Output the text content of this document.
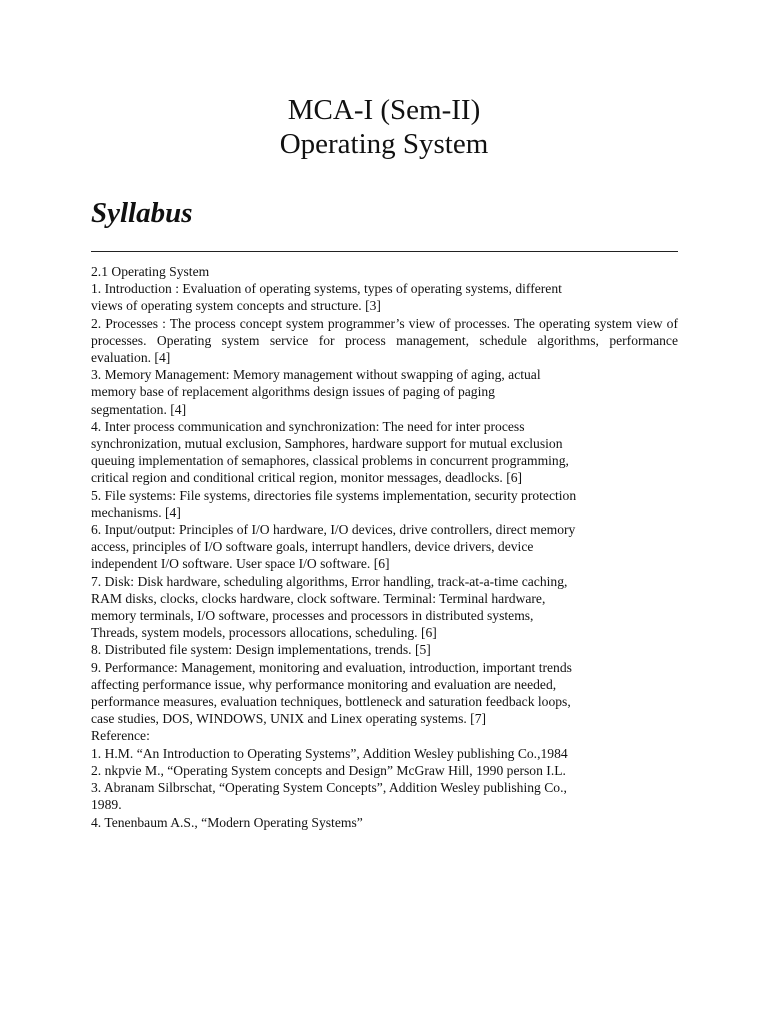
MCA-I (Sem-II)
Operating System
Syllabus
2.1 Operating System
1. Introduction : Evaluation of operating systems, types of operating systems, different
views of operating system concepts and structure. [3]
2. Processes : The process concept system programmer’s view of processes. The operating system view of processes. Operating system service for process management, schedule algorithms, performance evaluation. [4]
3. Memory Management: Memory management without swapping of aging, actual
memory base of replacement algorithms design issues of paging of paging
segmentation. [4]
4. Inter process communication and synchronization: The need for inter process
synchronization, mutual exclusion, Samphores, hardware support for mutual exclusion
queuing implementation of semaphores, classical problems in concurrent programming,
critical region and conditional critical region, monitor messages, deadlocks. [6]
5. File systems: File systems, directories file systems implementation, security protection
mechanisms. [4]
6. Input/output: Principles of I/O hardware, I/O devices, drive controllers, direct memory
access, principles of I/O software goals, interrupt handlers, device drivers, device
independent I/O software. User space I/O software. [6]
7. Disk: Disk hardware, scheduling algorithms, Error handling, track-at-a-time caching,
RAM disks, clocks, clocks hardware, clock software. Terminal: Terminal hardware,
memory terminals, I/O software, processes and processors in distributed systems,
Threads, system models, processors allocations, scheduling. [6]
8. Distributed file system: Design implementations, trends. [5]
9. Performance: Management, monitoring and evaluation, introduction, important trends
affecting performance issue, why performance monitoring and evaluation are needed,
performance measures, evaluation techniques, bottleneck and saturation feedback loops,
case studies, DOS, WINDOWS, UNIX and Linex operating systems. [7]
Reference:
1. H.M. “An Introduction to Operating Systems”, Addition Wesley publishing Co.,1984
2. nkpvie M., “Operating System concepts and Design” McGraw Hill, 1990 person I.L.
3. Abranam Silbrschat, “Operating System Concepts”, Addition Wesley publishing Co.,
1989.
4. Tenenbaum A.S., “Modern Operating Systems”
